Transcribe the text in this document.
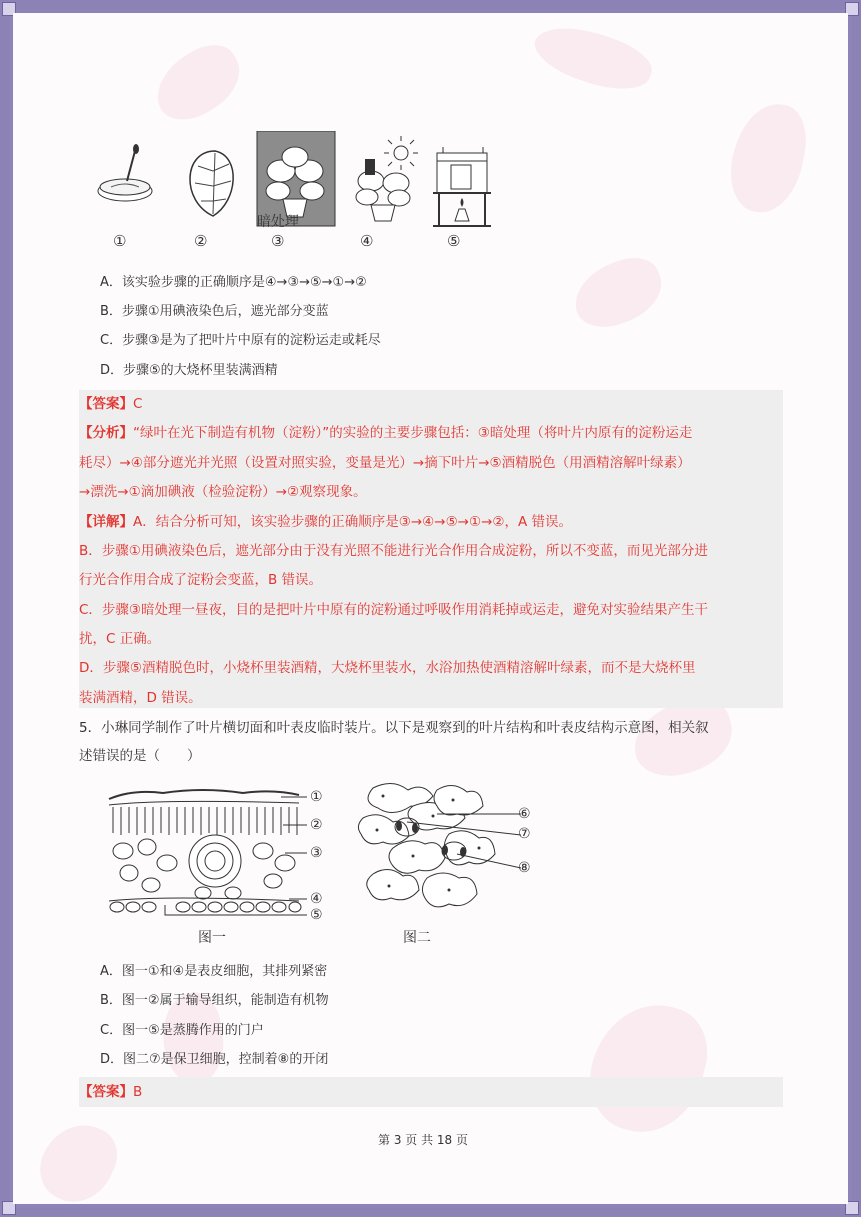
暗处理
①	②	③	④	⑤
A．该实验步骤的正确顺序是④→③→⑤→①→②
B．步骤①用碘液染色后，遮光部分变蓝
C．步骤③是为了把叶片中原有的淀粉运走或耗尽
D．步骤⑤的大烧杯里装满酒精
【答案】C
【分析】“绿叶在光下制造有机物（淀粉）”的实验的主要步骤包括：③暗处理（将叶片内原有的淀粉运走
耗尽）→④部分遮光并光照（设置对照实验，变量是光）→摘下叶片→⑤酒精脱色（用酒精溶解叶绿素）
→漂洗→①滴加碘液（检验淀粉）→②观察现象。
【详解】A．结合分析可知，该实验步骤的正确顺序是③→④→⑤→①→②，A 错误。
B．步骤①用碘液染色后，遮光部分由于没有光照不能进行光合作用合成淀粉，所以不变蓝，而见光部分进
行光合作用合成了淀粉会变蓝，B 错误。
C．步骤③暗处理一昼夜，目的是把叶片中原有的淀粉通过呼吸作用消耗掉或运走，避免对实验结果产生干
扰，C 正确。
D．步骤⑤酒精脱色时，小烧杯里装酒精，大烧杯里装水，水浴加热使酒精溶解叶绿素，而不是大烧杯里
装满酒精，D 错误。
5．小琳同学制作了叶片横切面和叶表皮临时装片。以下是观察到的叶片结构和叶表皮结构示意图，相关叙
述错误的是（　　）
①
②
③
④
⑤
图一
⑥
⑦
⑧
图二
A．图一①和④是表皮细胞，其排列紧密
B．图一②属于输导组织，能制造有机物
C．图一⑤是蒸腾作用的门户
D．图二⑦是保卫细胞，控制着⑧的开闭
【答案】B
第 3 页 共 18 页
